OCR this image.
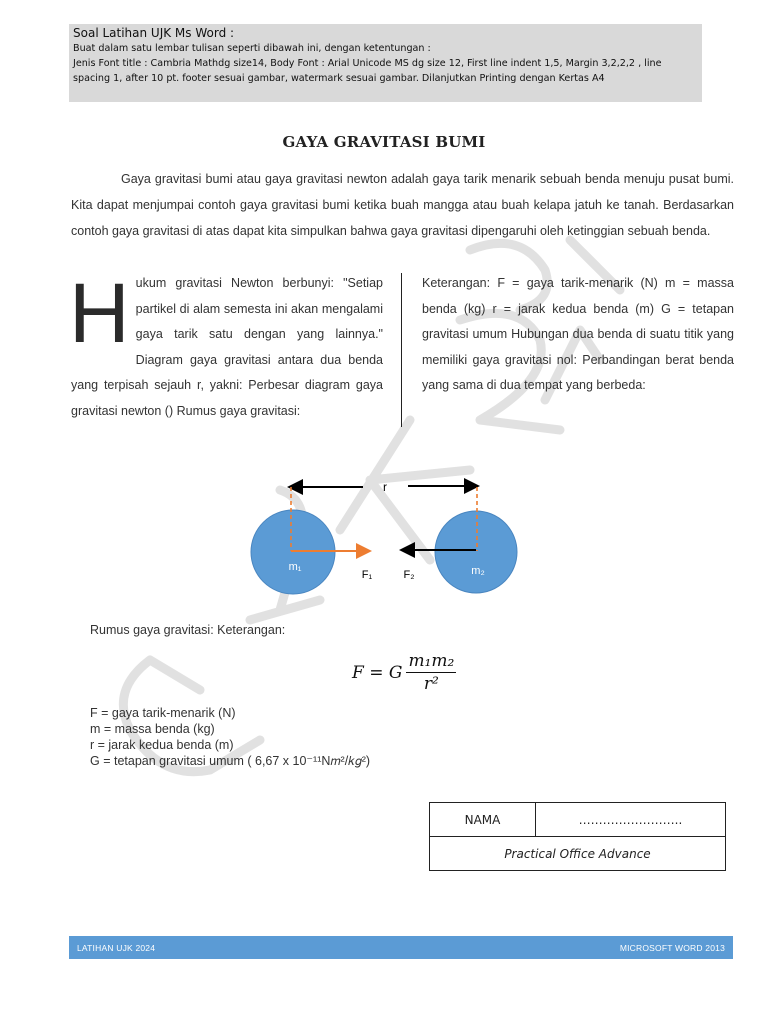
Soal Latihan UJK Ms Word :
Buat dalam satu lembar tulisan seperti dibawah ini, dengan ketentungan :
Jenis Font title : Cambria Mathdg size14, Body Font : Arial Unicode MS dg size 12, First line indent 1,5, Margin 3,2,2,2 , line
spacing 1, after 10 pt. footer sesuai gambar, watermark sesuai gambar. Dilanjutkan Printing dengan Kertas A4
GAYA GRAVITASI BUMI
Gaya gravitasi bumi atau gaya gravitasi newton adalah gaya tarik menarik sebuah benda menuju pusat bumi. Kita dapat menjumpai contoh gaya gravitasi bumi ketika buah mangga atau buah kelapa jatuh ke tanah. Berdasarkan contoh gaya gravitasi di atas dapat kita simpulkan bahwa gaya gravitasi dipengaruhi oleh ketinggian sebuah benda.
H ukum gravitasi Newton berbunyi: "Setiap partikel di alam semesta ini akan mengalami gaya tarik satu dengan yang lainnya." Diagram gaya gravitasi antara dua benda yang terpisah sejauh r, yakni: Perbesar diagram gaya gravitasi newton () Rumus gaya gravitasi:
Keterangan: F = gaya tarik-menarik (N) m = massa benda (kg) r = jarak kedua benda (m) G = tetapan gravitasi umum Hubungan dua benda di suatu titik yang memiliki gaya gravitasi nol: Perbandingan berat benda yang sama di dua tempat yang berbeda:
r
m₁	m₂
F₁	F₂
Rumus gaya gravitasi: Keterangan:
F = G $\frac{\text{m₁m₂}}{\text{r²}}$
F = gaya tarik-menarik (N)
m = massa benda (kg)
r = jarak kedua benda (m)
G = tetapan gravitasi umum ( 6,67 x 10⁻¹¹N𝑚²/𝑘𝑔²)
NAMA	……………………..
Practical Office Advance
LATIHAN UJK 2024	MICROSOFT WORD 2013
